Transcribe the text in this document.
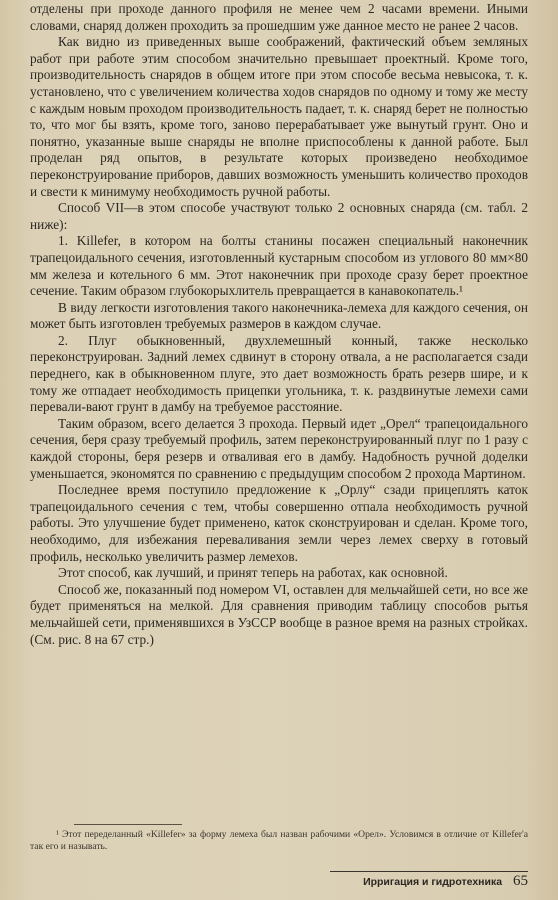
отделены при проходе данного профиля не менее чем 2 часами времени. Иными словами, снаряд должен проходить за прошедшим уже данное место не ранее 2 часов.

Как видно из приведенных выше соображений, фактический объем земляных работ при работе этим способом значительно превышает проектный. Кроме того, производительность снарядов в общем итоге при этом способе весьма невысока, т. к. установлено, что с увеличением количества ходов снарядов по одному и тому же месту с каждым новым проходом производительность падает, т. к. снаряд берет не полностью то, что мог бы взять, кроме того, заново перерабатывает уже вынутый грунт. Оно и понятно, указанные выше снаряды не вполне приспособлены к данной работе. Был проделан ряд опытов, в результате которых произведено необходимое переконструирование приборов, давших возможность уменьшить количество проходов и свести к минимуму необходимость ручной работы.

Способ VII—в этом способе участвуют только 2 основных снаряда (см. табл. 2 ниже):

1. Killefer, в котором на болты станины посажен специальный наконечник трапецоидального сечения, изготовленный кустарным способом из углового 80 мм×80 мм железа и котельного 6 мм. Этот наконечник при проходе сразу берет проектное сечение. Таким образом глубокорыхлитель превращается в канавокопатель.¹

В виду легкости изготовления такого наконечника-лемеха для каждого сечения, он может быть изготовлен требуемых размеров в каждом случае.

2. Плуг обыкновенный, двухлемешный конный, также несколько переконструирован. Задний лемех сдвинут в сторону отвала, а не располагается сзади переднего, как в обыкновенном плуге, это дает возможность брать резерв шире, и к тому же отпадает необходимость прицепки угольника, т. к. раздвинутые лемехи сами перевали-вают грунт в дамбу на требуемое расстояние.

Таким образом, всего делается 3 прохода. Первый идет „Орел“ трапецоидального сечения, беря сразу требуемый профиль, затем переконструированный плуг по 1 разу с каждой стороны, беря резерв и отваливая его в дамбу. Надобность ручной доделки уменьшается, экономятся по сравнению с предыдущим способом 2 прохода Мартином.

Последнее время поступило предложение к „Орлу“ сзади прицеплять каток трапецоидального сечения с тем, чтобы совершенно отпала необходимость ручной работы. Это улучшение будет применено, каток сконструирован и сделан. Кроме того, необходимо, для избежания переваливания земли через лемех сверху в готовый профиль, несколько увеличить размер лемехов.

Этот способ, как лучший, и принят теперь на работах, как основной.

Способ же, показанный под номером VI, оставлен для мельчайшей сети, но все же будет применяться на мелкой. Для сравнения приводим таблицу способов рытья мельчайшей сети, применявшихся в УзССР вообще в разное время на разных стройках. (См. рис. 8 на 67 стр.)

¹ Этот переделанный «Killefer» за форму лемеха был назван рабочими «Орел». Условимся в отличие от Killefer'а так его и называть.

Ирригация и гидротехника 65
